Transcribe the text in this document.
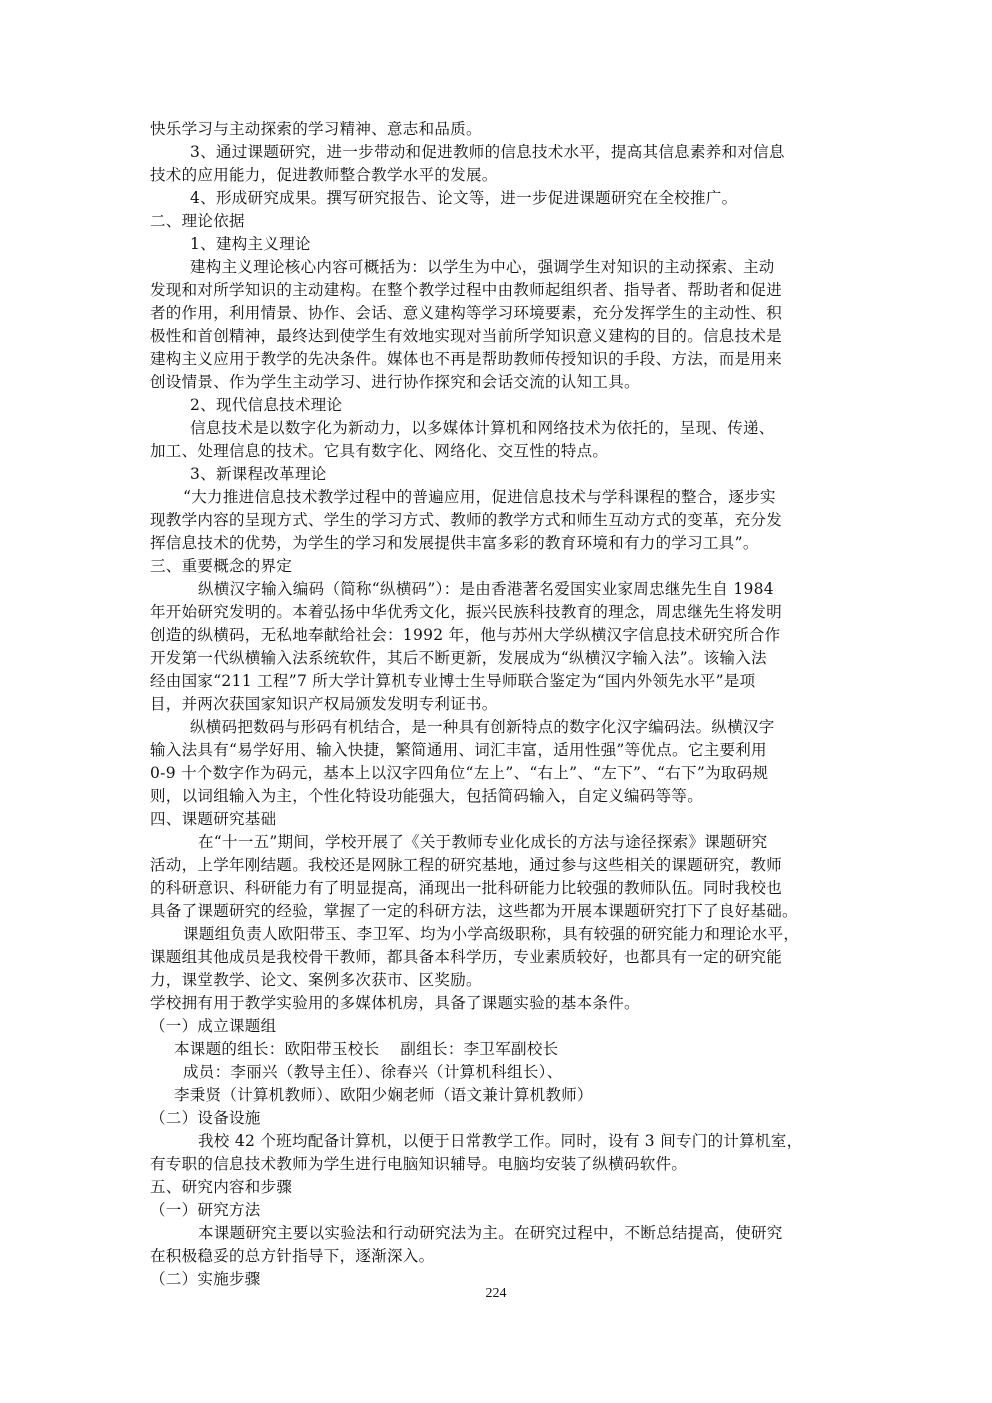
快乐学习与主动探索的学习精神、意志和品质。
3、通过课题研究，进一步带动和促进教师的信息技术水平，提高其信息素养和对信息
技术的应用能力，促进教师整合教学水平的发展。
4、形成研究成果。撰写研究报告、论文等，进一步促进课题研究在全校推广。
二、理论依据
1、建构主义理论
建构主义理论核心内容可概括为：以学生为中心，强调学生对知识的主动探索、主动
发现和对所学知识的主动建构。在整个教学过程中由教师起组织者、指导者、帮助者和促进
者的作用，利用情景、协作、会话、意义建构等学习环境要素，充分发挥学生的主动性、积
极性和首创精神，最终达到使学生有效地实现对当前所学知识意义建构的目的。信息技术是
建构主义应用于教学的先决条件。媒体也不再是帮助教师传授知识的手段、方法，而是用来
创设情景、作为学生主动学习、进行协作探究和会话交流的认知工具。
2、现代信息技术理论
信息技术是以数字化为新动力，以多媒体计算机和网络技术为依托的，呈现、传递、
加工、处理信息的技术。它具有数字化、网络化、交互性的特点。
3、新课程改革理论
“大力推进信息技术教学过程中的普遍应用，促进信息技术与学科课程的整合，逐步实
现教学内容的呈现方式、学生的学习方式、教师的教学方式和师生互动方式的变革，充分发
挥信息技术的优势，为学生的学习和发展提供丰富多彩的教育环境和有力的学习工具”。
三、重要概念的界定
纵横汉字输入编码（简称“纵横码”）：是由香港著名爱国实业家周忠继先生自 1984
年开始研究发明的。本着弘扬中华优秀文化，振兴民族科技教育的理念，周忠继先生将发明
创造的纵横码，无私地奉献给社会：1992 年，他与苏州大学纵横汉字信息技术研究所合作
开发第一代纵横输入法系统软件，其后不断更新，发展成为“纵横汉字输入法”。该输入法
经由国家“211 工程”7 所大学计算机专业博士生导师联合鉴定为“国内外领先水平”是项
目，并两次获国家知识产权局颁发发明专利证书。
纵横码把数码与形码有机结合，是一种具有创新特点的数字化汉字编码法。纵横汉字
输入法具有“易学好用、输入快捷，繁简通用、词汇丰富，适用性强”等优点。它主要利用
0-9 十个数字作为码元，基本上以汉字四角位“左上”、“右上”、“左下”、“右下”为取码规
则，以词组输入为主，个性化特设功能强大，包括简码输入，自定义编码等等。
四、课题研究基础
在“十一五”期间，学校开展了《关于教师专业化成长的方法与途径探索》课题研究
活动，上学年刚结题。我校还是网脉工程的研究基地，通过参与这些相关的课题研究，教师
的科研意识、科研能力有了明显提高，涌现出一批科研能力比较强的教师队伍。同时我校也
具备了课题研究的经验，掌握了一定的科研方法，这些都为开展本课题研究打下了良好基础。
课题组负责人欧阳带玉、李卫军、均为小学高级职称，具有较强的研究能力和理论水平，
课题组其他成员是我校骨干教师，都具备本科学历，专业素质较好，也都具有一定的研究能
力，课堂教学、论文、案例多次获市、区奖励。
学校拥有用于教学实验用的多媒体机房，具备了课题实验的基本条件。
（一）成立课题组
本课题的组长：欧阳带玉校长　 副组长：李卫军副校长
成员：李丽兴（教导主任）、徐春兴（计算机科组长）、
李秉贤（计算机教师）、欧阳少娴老师（语文兼计算机教师）
（二）设备设施
我校 42 个班均配备计算机，以便于日常教学工作。同时，设有 3 间专门的计算机室，
有专职的信息技术教师为学生进行电脑知识辅导。电脑均安装了纵横码软件。
五、研究内容和步骤
（一）研究方法
本课题研究主要以实验法和行动研究法为主。在研究过程中，不断总结提高，使研究
在积极稳妥的总方针指导下，逐渐深入。
（二）实施步骤
224
